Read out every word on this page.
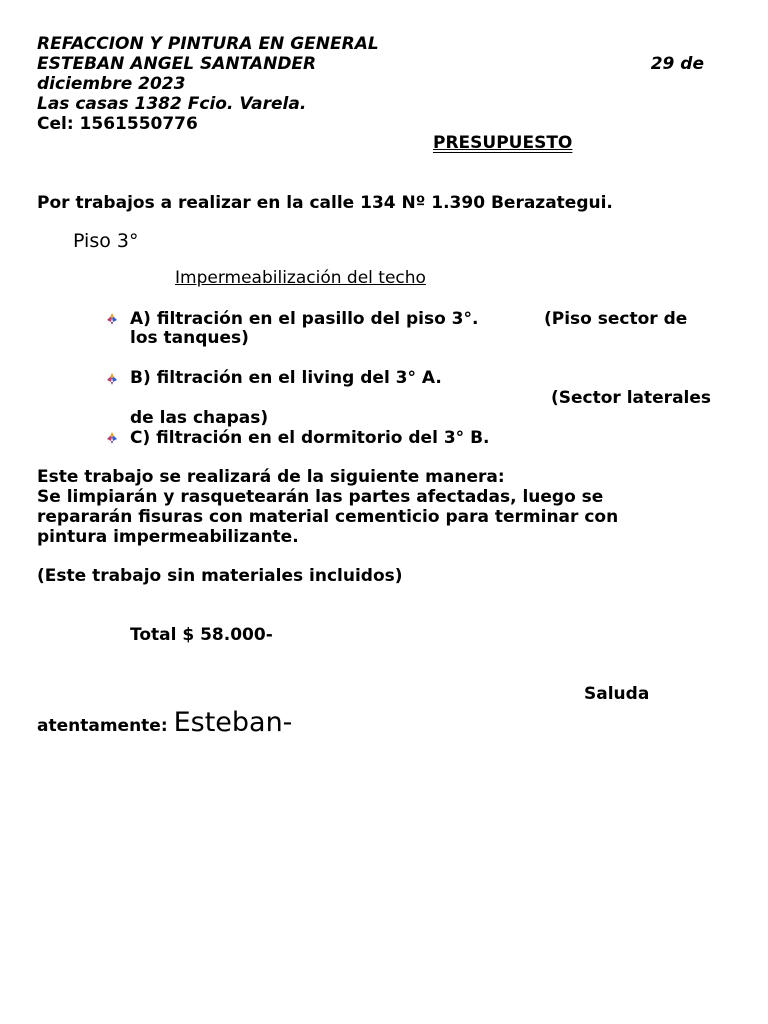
REFACCION Y PINTURA EN GENERAL
ESTEBAN ANGEL SANTANDER	29 de
diciembre 2023
Las casas 1382 Fcio. Varela.
Cel: 1561550776
PRESUPUESTO
Por trabajos a realizar en la calle 134 Nº 1.390 Berazategui.
Piso 3°
Impermeabilización del techo
A) filtración en el pasillo del piso 3°.	(Piso sector de
los tanques)
B) filtración en el living del 3° A.
(Sector laterales
de las chapas)
C) filtración en el dormitorio del 3° B.
Este trabajo se realizará de la siguiente manera:
Se limpiarán y rasquetearán las partes afectadas, luego se
repararán fisuras con material cementicio para terminar con
pintura impermeabilizante.
(Este trabajo sin materiales incluidos)
Total $ 58.000-
Saluda
atentamente: Esteban-
